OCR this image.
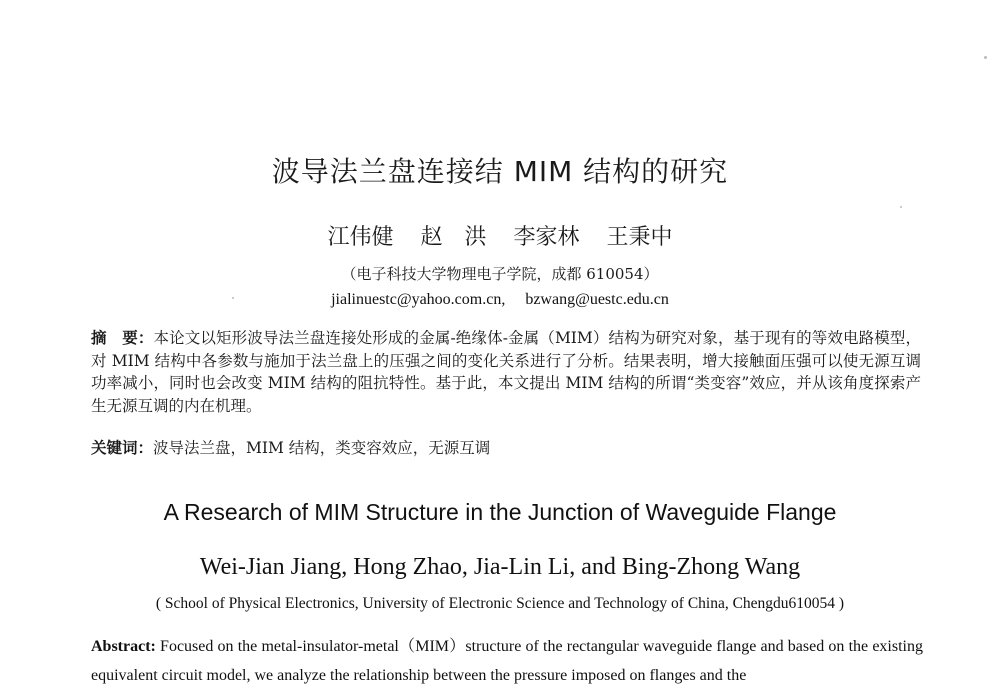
波导法兰盘连接结 MIM 结构的研究
江伟健 赵　洪 李家林 王秉中
（电子科技大学物理电子学院，成都 610054）
jialinuestc@yahoo.com.cn, bzwang@uestc.edu.cn
摘　要：本论文以矩形波导法兰盘连接处形成的金属-绝缘体-金属（MIM）结构为研究对象，基于现有的等效电路模型，对 MIM 结构中各参数与施加于法兰盘上的压强之间的变化关系进行了分析。结果表明，增大接触面压强可以使无源互调功率减小，同时也会改变 MIM 结构的阻抗特性。基于此，本文提出 MIM 结构的所谓“类变容”效应，并从该角度探索产生无源互调的内在机理。
关键词：波导法兰盘，MIM 结构，类变容效应，无源互调
A Research of MIM Structure in the Junction of Waveguide Flange
Wei-Jian Jiang, Hong Zhao, Jia-Lin Li, and Bing-Zhong Wang
( School of Physical Electronics, University of Electronic Science and Technology of China, Chengdu610054 )
Abstract: Focused on the metal-insulator-metal（MIM）structure of the rectangular waveguide flange and based on the existing equivalent circuit model, we analyze the relationship between the pressure imposed on flanges and the
